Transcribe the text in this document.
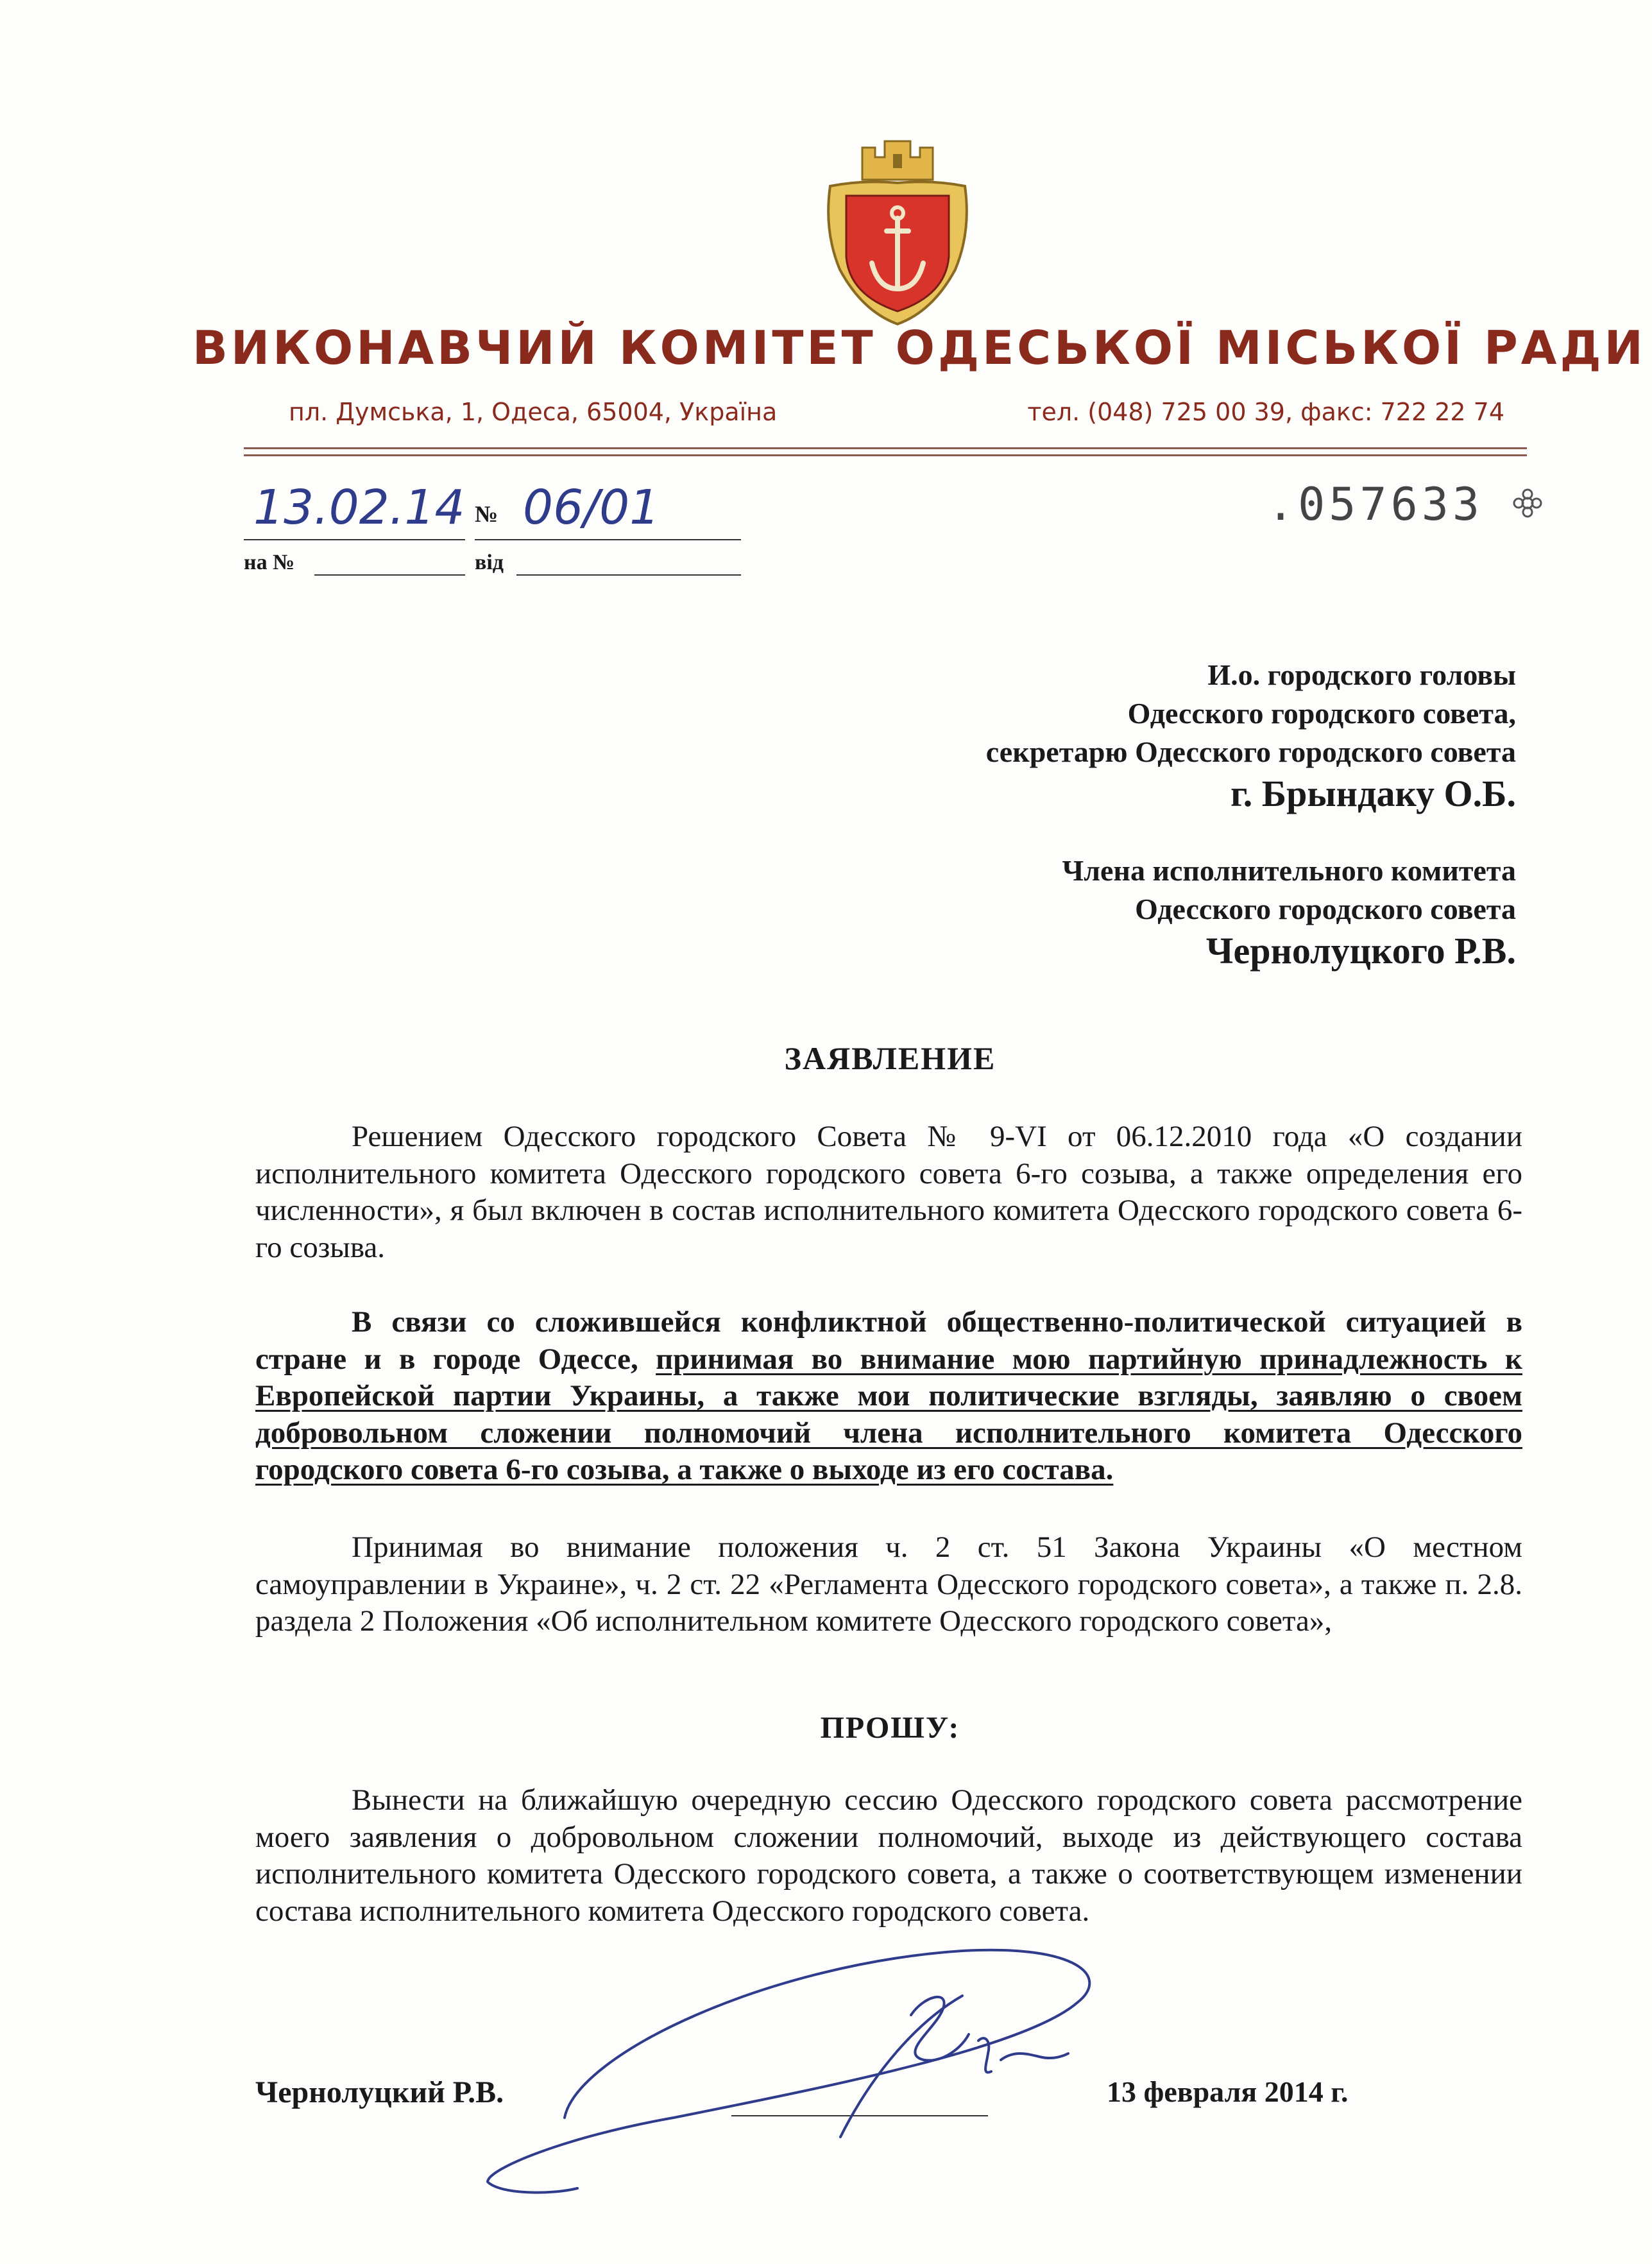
ВИКОНАВЧИЙ КОМІТЕТ ОДЕСЬКОЇ МІСЬКОЇ РАДИ
пл. Думська, 1, Одеса, 65004, Україна	тел. (048) 725 00 39, факс: 722 22 74
13.02.14 № 06/01
на №	від
.057633
И.о. городского головы
Одесского городского совета,
секретарю Одесского городского совета
г. Брындаку О.Б.
Члена исполнительного комитета
Одесского городского совета
Чернолуцкого Р.В.
ЗАЯВЛЕНИЕ

Решением Одесского городского Совета № 9-VI от 06.12.2010 года «О создании исполнительного комитета Одесского городского совета 6-го созыва, а также определения его численности», я был включен в состав исполнительного комитета Одесского городского совета 6-го созыва.

В связи со сложившейся конфликтной общественно-политической ситуацией в стране и в городе Одессе, принимая во внимание мою партийную принадлежность к Европейской партии Украины, а также мои политические взгляды, заявляю о своем добровольном сложении полномочий члена исполнительного комитета Одесского городского совета 6-го созыва, а также о выходе из его состава.

Принимая во внимание положения ч. 2 ст. 51 Закона Украины «О местном самоуправлении в Украине», ч. 2 ст. 22 «Регламента Одесского городского совета», а также п. 2.8. раздела 2 Положения «Об исполнительном комитете Одесского городского совета»,

ПРОШУ:

Вынести на ближайшую очередную сессию Одесского городского совета рассмотрение моего заявления о добровольном сложении полномочий, выходе из действующего состава исполнительного комитета Одесского городского совета, а также о соответствующем изменении состава исполнительного комитета Одесского городского совета.

Чернолуцкий Р.В.	13 февраля 2014 г.
